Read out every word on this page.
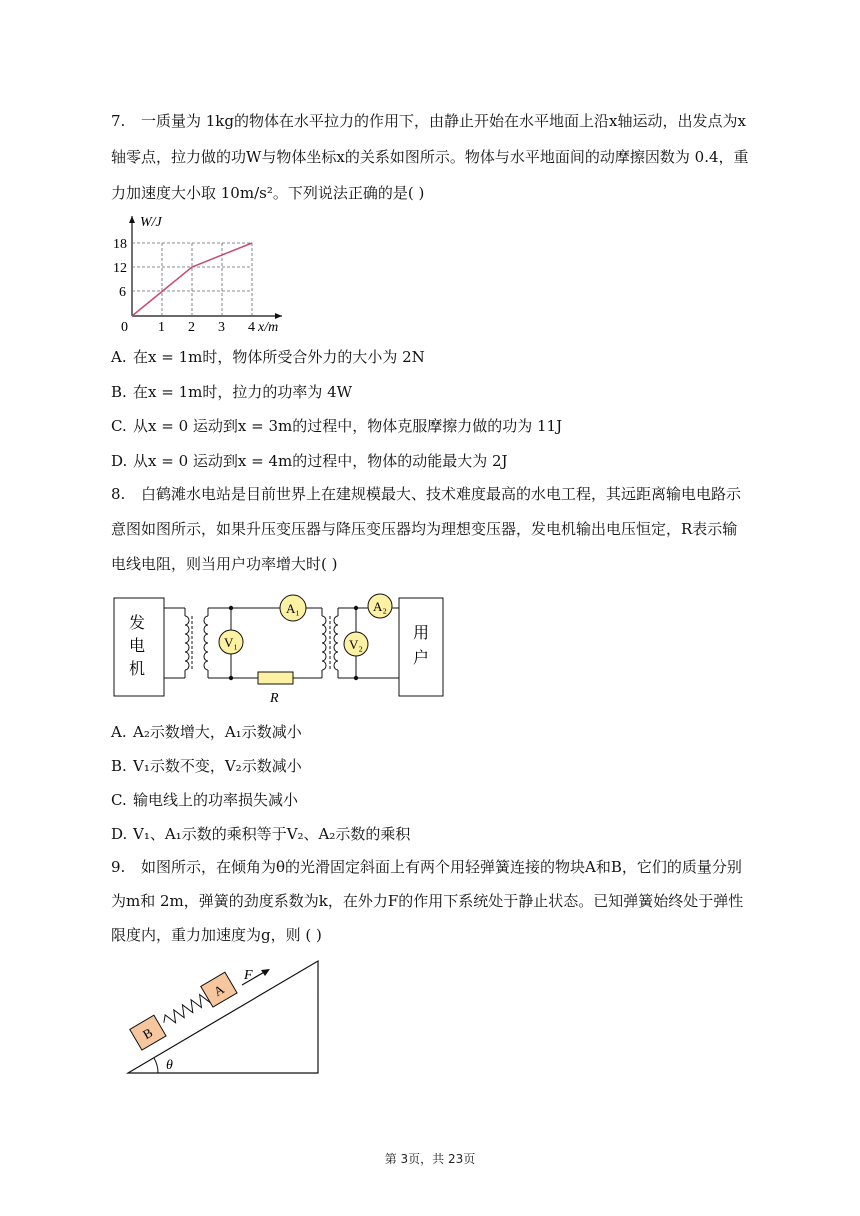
7. 一质量为 1kg的物体在水平拉力的作用下，由静止开始在水平地面上沿x轴运动，出发点为x
轴零点，拉力做的功W与物体坐标x的关系如图所示。物体与水平地面间的动摩擦因数为 0.4，重
力加速度大小取 10m/s²。下列说法正确的是( )
W/J
18
12
6
0 1 2 3 4 x/m
A. 在x = 1m时，物体所受合外力的大小为 2N
B. 在x = 1m时，拉力的功率为 4W
C. 从x = 0 运动到x = 3m的过程中，物体克服摩擦力做的功为 11J
D. 从x = 0 运动到x = 4m的过程中，物体的动能最大为 2J
8. 白鹤滩水电站是目前世界上在建规模最大、技术难度最高的水电工程，其远距离输电电路示
意图如图所示，如果升压变压器与降压变压器均为理想变压器，发电机输出电压恒定，R表示输
电线电阻，则当用户功率增大时( )
A₁	A₂
V₁	V₂
R
发
电
机
用
户
A. A₂示数增大，A₁示数减小
B. V₁示数不变，V₂示数减小
C. 输电线上的功率损失减小
D. V₁、A₁示数的乘积等于V₂、A₂示数的乘积
9. 如图所示，在倾角为θ的光滑固定斜面上有两个用轻弹簧连接的物块A和B，它们的质量分别
为m和 2m，弹簧的劲度系数为k，在外力F的作用下系统处于静止状态。已知弹簧始终处于弹性
限度内，重力加速度为g，则 ( )
B
A
F
θ
第 3页，共 23页
